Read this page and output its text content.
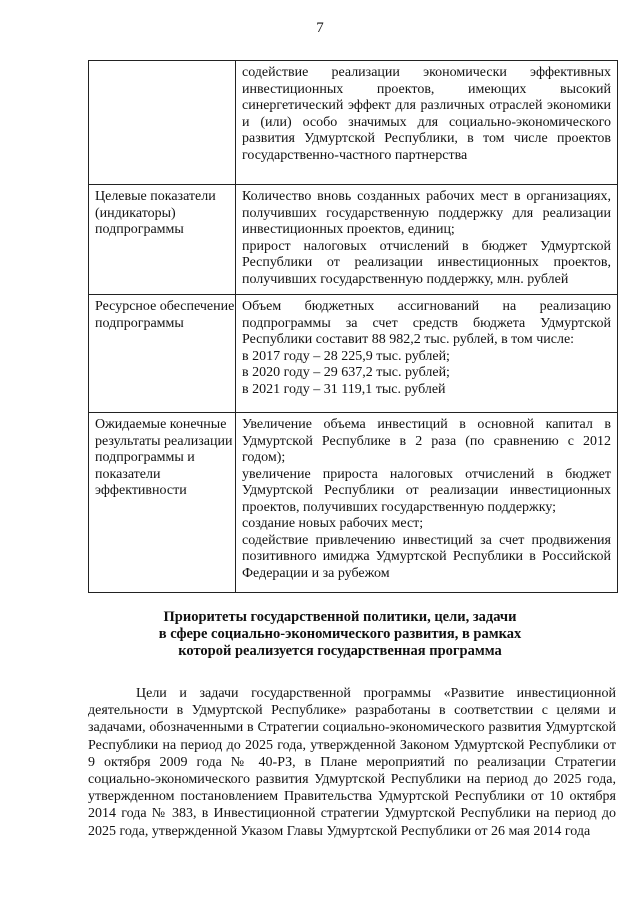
7

	содействие реализации экономически эффективных инвестиционных проектов, имеющих высокий синергетический эффект для различных отраслей экономики и (или) особо значимых для социально-экономического развития Удмуртской Республики, в том числе проектов государственно-частного партнерства

Целевые показатели (индикаторы) подпрограммы	Количество вновь созданных рабочих мест в организациях, получивших государственную поддержку для реализации инвестиционных проектов, единиц;
прирост налоговых отчислений в бюджет Удмуртской Республики от реализации инвестиционных проектов, получивших государственную поддержку, млн. рублей

Ресурсное обеспечение подпрограммы	Объем бюджетных ассигнований на реализацию подпрограммы за счет средств бюджета Удмуртской Республики составит 88 982,2 тыс. рублей, в том числе:
в 2017 году – 28 225,9 тыс. рублей;
в 2020 году – 29 637,2 тыс. рублей;
в 2021 году – 31 119,1 тыс. рублей

Ожидаемые конечные результаты реализации подпрограммы и показатели эффективности	Увеличение объема инвестиций в основной капитал в Удмуртской Республике в 2 раза (по сравнению с 2012 годом);
увеличение прироста налоговых отчислений в бюджет Удмуртской Республики от реализации инвестиционных проектов, получивших государственную поддержку;
создание новых рабочих мест;
содействие привлечению инвестиций за счет продвижения позитивного имиджа Удмуртской Республики в Российской Федерации и за рубежом
Приоритеты государственной политики, цели, задачи
в сфере социально-экономического развития, в рамках
которой реализуется государственная программа
Цели и задачи государственной программы «Развитие инвестиционной деятельности в Удмуртской Республике» разработаны в соответствии с целями и задачами, обозначенными в Стратегии социально-экономического развития Удмуртской Республики на период до 2025 года, утвержденной Законом Удмуртской Республики от 9 октября 2009 года № 40-РЗ, в Плане мероприятий по реализации Стратегии социально-экономического развития Удмуртской Республики на период до 2025 года, утвержденном постановлением Правительства Удмуртской Республики от 10 октября 2014 года № 383, в Инвестиционной стратегии Удмуртской Республики на период до 2025 года, утвержденной Указом Главы Удмуртской Республики от 26 мая 2014 года
